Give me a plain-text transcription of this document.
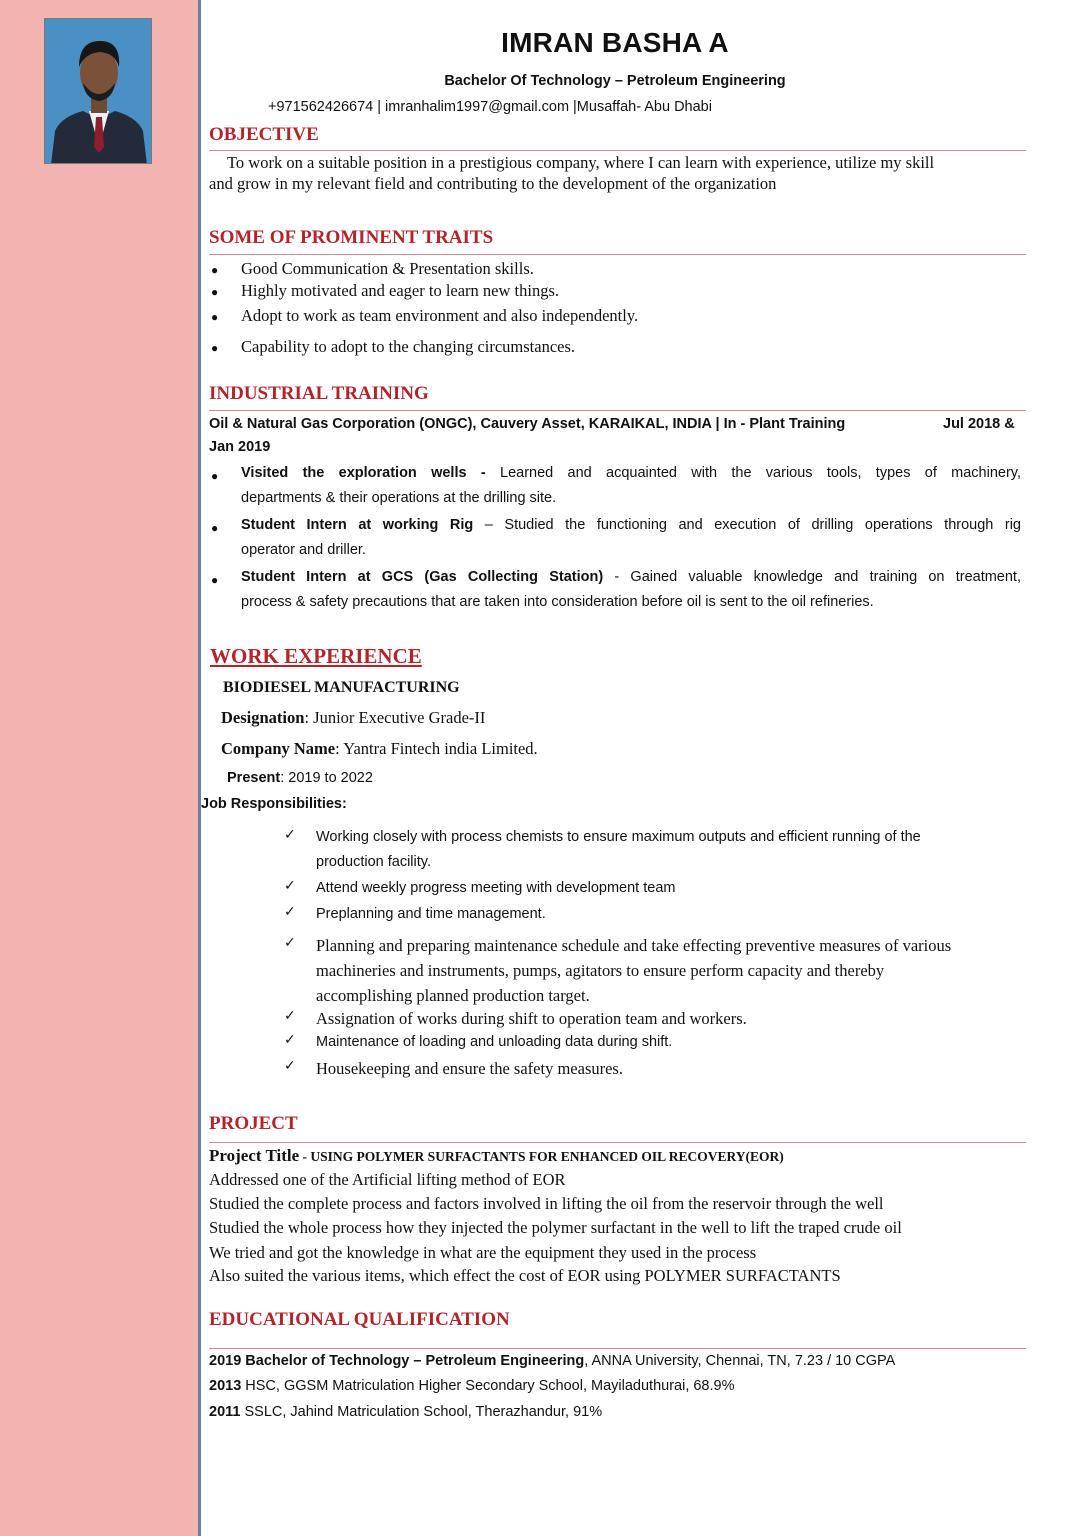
IMRAN BASHA A
Bachelor Of Technology – Petroleum Engineering
+971562426674 | imranhalim1997@gmail.com |Musaffah- Abu Dhabi
OBJECTIVE
To work on a suitable position in a prestigious company, where I can learn with experience, utilize my skill
and grow in my relevant field and contributing to the development of the organization
SOME OF PROMINENT TRAITS
● Good Communication & Presentation skills.
● Highly motivated and eager to learn new things.
● Adopt to work as team environment and also independently.
● Capability to adopt to the changing circumstances.
INDUSTRIAL TRAINING
Oil & Natural Gas Corporation (ONGC), Cauvery Asset, KARAIKAL, INDIA | In - Plant Training	Jul 2018 &
Jan 2019
● Visited the exploration wells - Learned and acquainted with the various tools, types of machinery,
departments & their operations at the drilling site.
● Student Intern at working Rig – Studied the functioning and execution of drilling operations through rig
operator and driller.
● Student Intern at GCS (Gas Collecting Station) - Gained valuable knowledge and training on treatment,
process & safety precautions that are taken into consideration before oil is sent to the oil refineries.
WORK EXPERIENCE
BIODIESEL MANUFACTURING
Designation: Junior Executive Grade-II
Company Name: Yantra Fintech india Limited.
Present: 2019 to 2022
Job Responsibilities:
✓ Working closely with process chemists to ensure maximum outputs and efficient running of the
production facility.
✓ Attend weekly progress meeting with development team
✓ Preplanning and time management.
✓ Planning and preparing maintenance schedule and take effecting preventive measures of various
machineries and instruments, pumps, agitators to ensure perform capacity and thereby
accomplishing planned production target.
✓ Assignation of works during shift to operation team and workers.
✓ Maintenance of loading and unloading data during shift.
✓ Housekeeping and ensure the safety measures.
PROJECT
Project Title - USING POLYMER SURFACTANTS FOR ENHANCED OIL RECOVERY(EOR)
Addressed one of the Artificial lifting method of EOR
Studied the complete process and factors involved in lifting the oil from the reservoir through the well
Studied the whole process how they injected the polymer surfactant in the well to lift the traped crude oil
We tried and got the knowledge in what are the equipment they used in the process
Also suited the various items, which effect the cost of EOR using POLYMER SURFACTANTS
EDUCATIONAL QUALIFICATION
2019 Bachelor of Technology – Petroleum Engineering, ANNA University, Chennai, TN, 7.23 / 10 CGPA
2013 HSC, GGSM Matriculation Higher Secondary School, Mayiladuthurai, 68.9%
2011 SSLC, Jahind Matriculation School, Therazhandur, 91%
